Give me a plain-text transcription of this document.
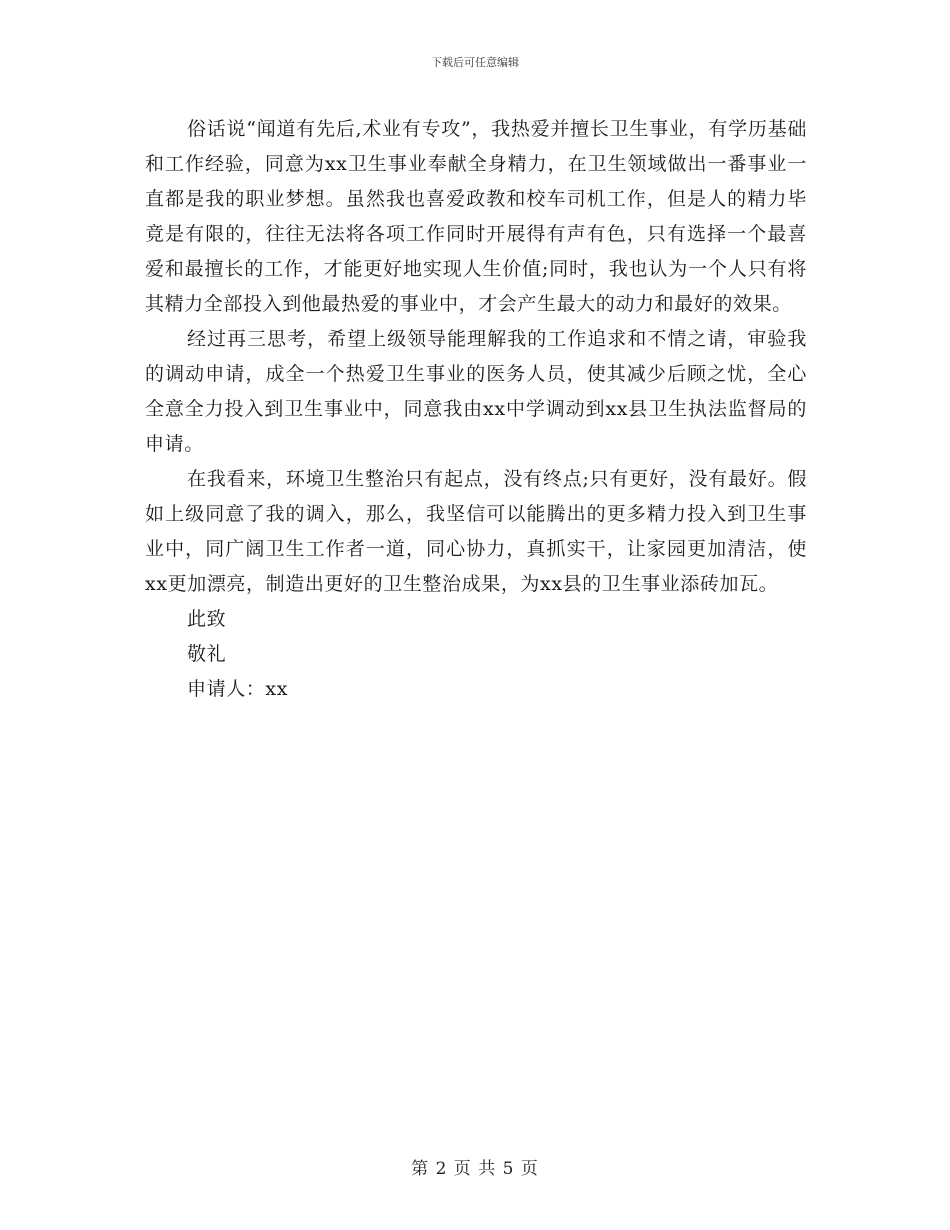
下载后可任意编辑

俗话说“闻道有先后,术业有专攻”，我热爱并擅长卫生事业，有学历基础和工作经验，同意为xx卫生事业奉献全身精力，在卫生领域做出一番事业一直都是我的职业梦想。虽然我也喜爱政教和校车司机工作，但是人的精力毕竟是有限的，往往无法将各项工作同时开展得有声有色，只有选择一个最喜爱和最擅长的工作，才能更好地实现人生价值;同时，我也认为一个人只有将其精力全部投入到他最热爱的事业中，才会产生最大的动力和最好的效果。

经过再三思考，希望上级领导能理解我的工作追求和不情之请，审验我的调动申请，成全一个热爱卫生事业的医务人员，使其减少后顾之忧，全心全意全力投入到卫生事业中，同意我由xx中学调动到xx县卫生执法监督局的申请。

在我看来，环境卫生整治只有起点，没有终点;只有更好，没有最好。假如上级同意了我的调入，那么，我坚信可以能腾出的更多精力投入到卫生事业中，同广阔卫生工作者一道，同心协力，真抓实干，让家园更加清洁，使xx更加漂亮，制造出更好的卫生整治成果，为xx县的卫生事业添砖加瓦。

此致

敬礼

申请人：xx

第 2 页 共 5 页
